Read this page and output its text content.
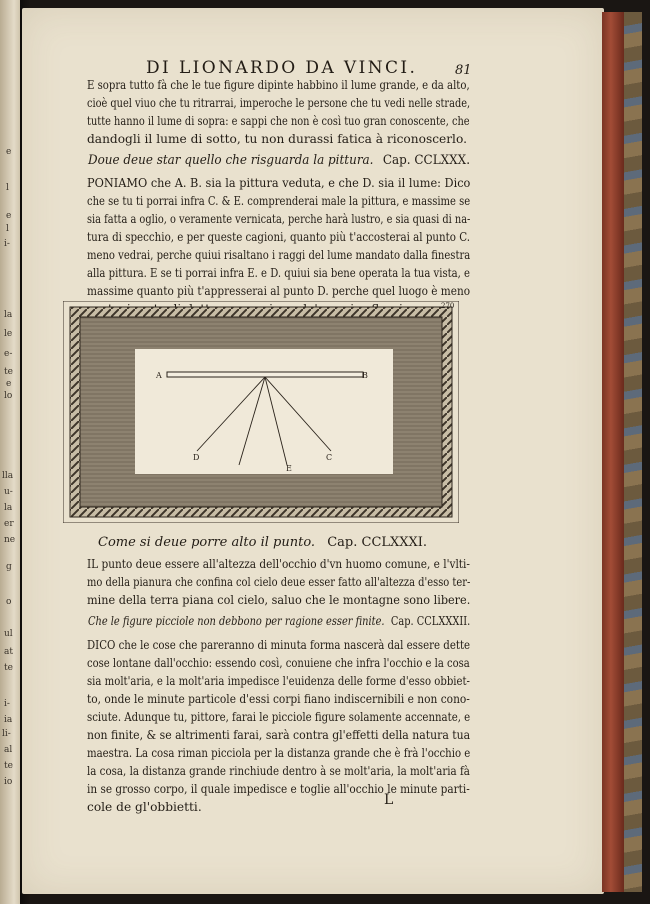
e
l
e
l
i-
la
le
e-
te
e
lo
lla
u-
la
er
ne
g
o
ul
at
te
i-
ia
li-
al
te
io
DI LIONARDO DA VINCI.	81

E sopra tutto fà che le tue figure dipinte habbino il lume grande, e da alto,

cioè quel viuo che tu ritrarrai, imperoche le persone che tu vedi nelle strade,

tutte hanno il lume di sopra: e sappi che non è così tuo gran conoscente, che

dandogli il lume di sotto, tu non durassi fatica à riconoscerlo.

Doue deue star quello che risguarda la pittura. Cap. CCLXXX.

PONIAMO che A. B. sia la pittura veduta, e che D. sia il lume: Dico

che se tu ti porrai infra C. & E. comprenderai male la pittura, e massime se

sia fatta a oglio, o veramente vernicata, perche harà lustro, e sia quasi di na-

tura di specchio, e per queste cagioni, quanto più t'accosterai al punto C.

meno vedrai, perche quiui risaltano i raggi del lume mandato dalla finestra

alla pittura. E se ti porrai infra E. e D. quiui sia bene operata la tua vista, e

massime quanto più t'appresserai al punto D. perche quel luogo è meno

A	B
D
E
C
270
Come si deue porre alto il punto. Cap. CCLXXXI.

IL punto deue essere all'altezza dell'occhio d'vn huomo comune, e l'vlti-

mo della pianura che confina col cielo deue esser fatto all'altezza d'esso ter-

mine della terra piana col cielo, saluo che le montagne sono libere.

Che le figure picciole non debbono per ragione esser finite. Cap. CCLXXXII.

DICO che le cose che pareranno di minuta forma nascerà dal essere dette

cose lontane dall'occhio: essendo così, conuiene che infra l'occhio e la cosa

sia molt'aria, e la molt'aria impedisce l'euidenza delle forme d'esso obbiet-

to, onde le minute particole d'essi corpi fiano indiscernibili e non cono-

sciute. Adunque tu, pittore, farai le picciole figure solamente accennate, e

non finite, & se altrimenti farai, sarà contra gl'effetti della natura tua

maestra. La cosa riman picciola per la distanza grande che è frà l'occhio e

la cosa, la distanza grande rinchiude dentro à se molt'aria, la molt'aria fà

in se grosso corpo, il quale impedisce e toglie all'occhio le minute parti-

cole de gl'obbietti.	L
